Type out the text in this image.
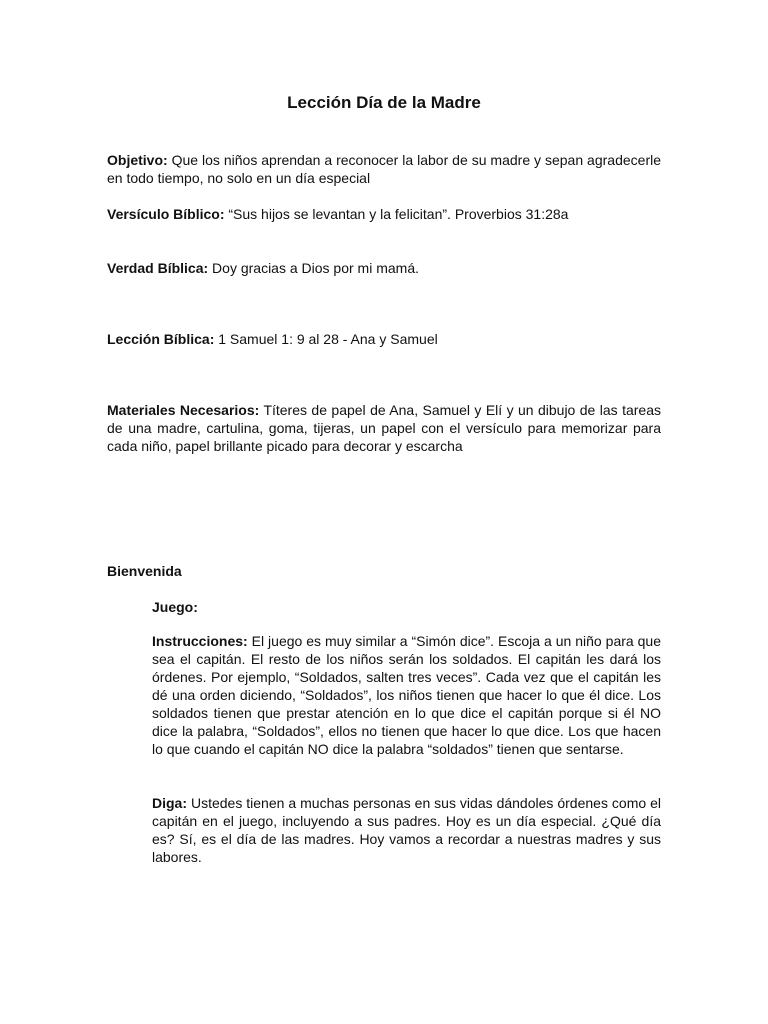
Lección Día de la Madre
Objetivo: Que los niños aprendan a reconocer la labor de su madre y sepan agradecerle en todo tiempo, no solo en un día especial
Versículo Bíblico: “Sus hijos se levantan y la felicitan”. Proverbios 31:28a
Verdad Bíblica: Doy gracias a Dios por mi mamá.
Lección Bíblica: 1 Samuel 1: 9 al 28 - Ana y Samuel
Materiales Necesarios: Títeres de papel de Ana, Samuel y Elí y un dibujo de las tareas de una madre, cartulina, goma, tijeras, un papel con el versículo para memorizar para cada niño, papel brillante picado para decorar y escarcha
Bienvenida
Juego:
Instrucciones: El juego es muy similar a “Simón dice”. Escoja a un niño para que sea el capitán. El resto de los niños serán los soldados. El capitán les dará los órdenes. Por ejemplo, “Soldados, salten tres veces”. Cada vez que el capitán les dé una orden diciendo, “Soldados”, los niños tienen que hacer lo que él dice. Los soldados tienen que prestar atención en lo que dice el capitán porque si él NO dice la palabra, “Soldados”, ellos no tienen que hacer lo que dice. Los que hacen lo que cuando el capitán NO dice la palabra “soldados” tienen que sentarse.
Diga: Ustedes tienen a muchas personas en sus vidas dándoles órdenes como el capitán en el juego, incluyendo a sus padres. Hoy es un día especial. ¿Qué día es? Sí, es el día de las madres. Hoy vamos a recordar a nuestras madres y sus labores.
